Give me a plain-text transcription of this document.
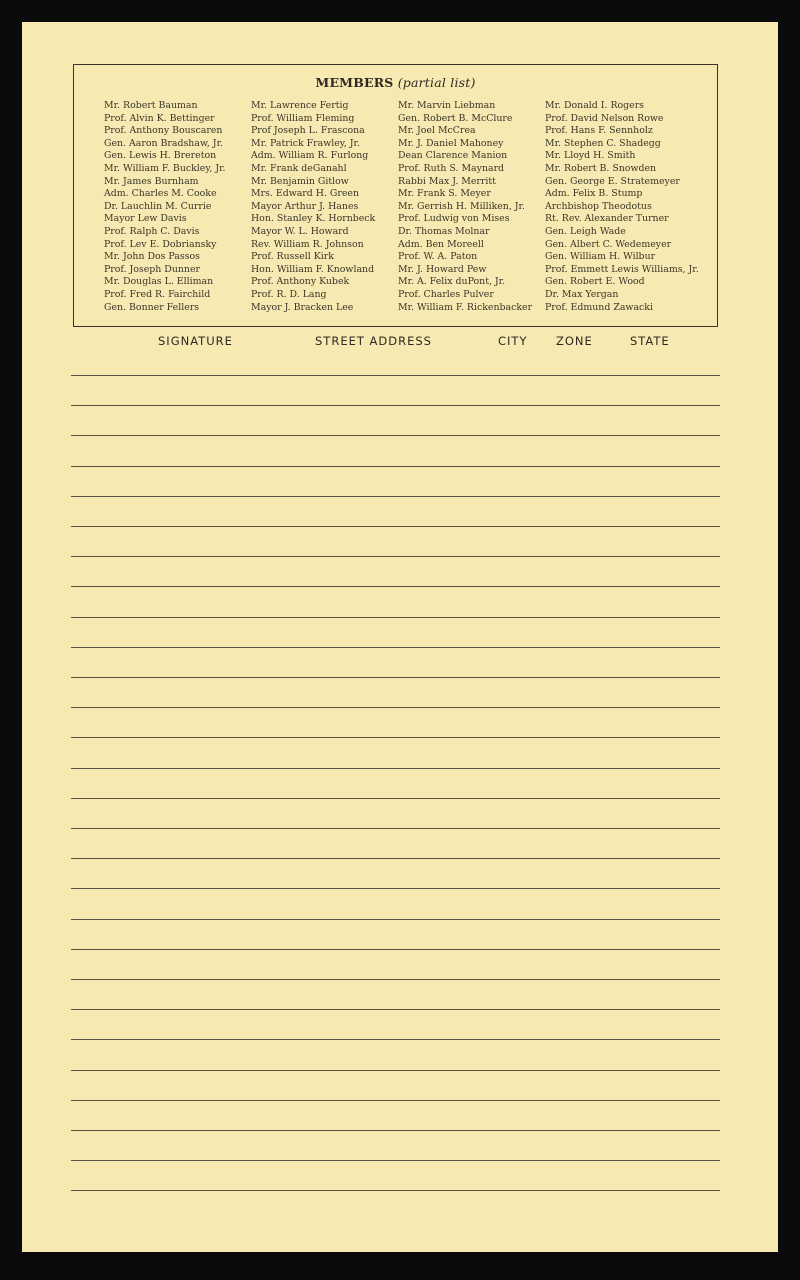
MEMBERS (partial list)
Mr. Robert Bauman
Prof. Alvin K. Bettinger
Prof. Anthony Bouscaren
Gen. Aaron Bradshaw, Jr.
Gen. Lewis H. Brereton
Mr. William F. Buckley, Jr.
Mr. James Burnham
Adm. Charles M. Cooke
Dr. Lauchlin M. Currie
Mayor Lew Davis
Prof. Ralph C. Davis
Prof. Lev E. Dobriansky
Mr. John Dos Passos
Prof. Joseph Dunner
Mr. Douglas L. Elliman
Prof. Fred R. Fairchild
Gen. Bonner Fellers
Mr. Lawrence Fertig
Prof. William Fleming
Prof Joseph L. Frascona
Mr. Patrick Frawley, Jr.
Adm. William R. Furlong
Mr. Frank deGanahl
Mr. Benjamin Gitlow
Mrs. Edward H. Green
Mayor Arthur J. Hanes
Hon. Stanley K. Hornbeck
Mayor W. L. Howard
Rev. William R. Johnson
Prof. Russell Kirk
Hon. William F. Knowland
Prof. Anthony Kubek
Prof. R. D. Lang
Mayor J. Bracken Lee
Mr. Marvin Liebman
Gen. Robert B. McClure
Mr. Joel McCrea
Mr. J. Daniel Mahoney
Dean Clarence Manion
Prof. Ruth S. Maynard
Rabbi Max J. Merritt
Mr. Frank S. Meyer
Mr. Gerrish H. Milliken, Jr.
Prof. Ludwig von Mises
Dr. Thomas Molnar
Adm. Ben Moreell
Prof. W. A. Paton
Mr. J. Howard Pew
Mr. A. Felix duPont, Jr.
Prof. Charles Pulver
Mr. William F. Rickenbacker
Mr. Donald I. Rogers
Prof. David Nelson Rowe
Prof. Hans F. Sennholz
Mr. Stephen C. Shadegg
Mr. Lloyd H. Smith
Mr. Robert B. Snowden
Gen. George E. Stratemeyer
Adm. Felix B. Stump
Archbishop Theodotus
Rt. Rev. Alexander Turner
Gen. Leigh Wade
Gen. Albert C. Wedemeyer
Gen. William H. Wilbur
Prof. Emmett Lewis Williams, Jr.
Gen. Robert E. Wood
Dr. Max Yergan
Prof. Edmund Zawacki
SIGNATURE	STREET ADDRESS	CITY ZONE	STATE
